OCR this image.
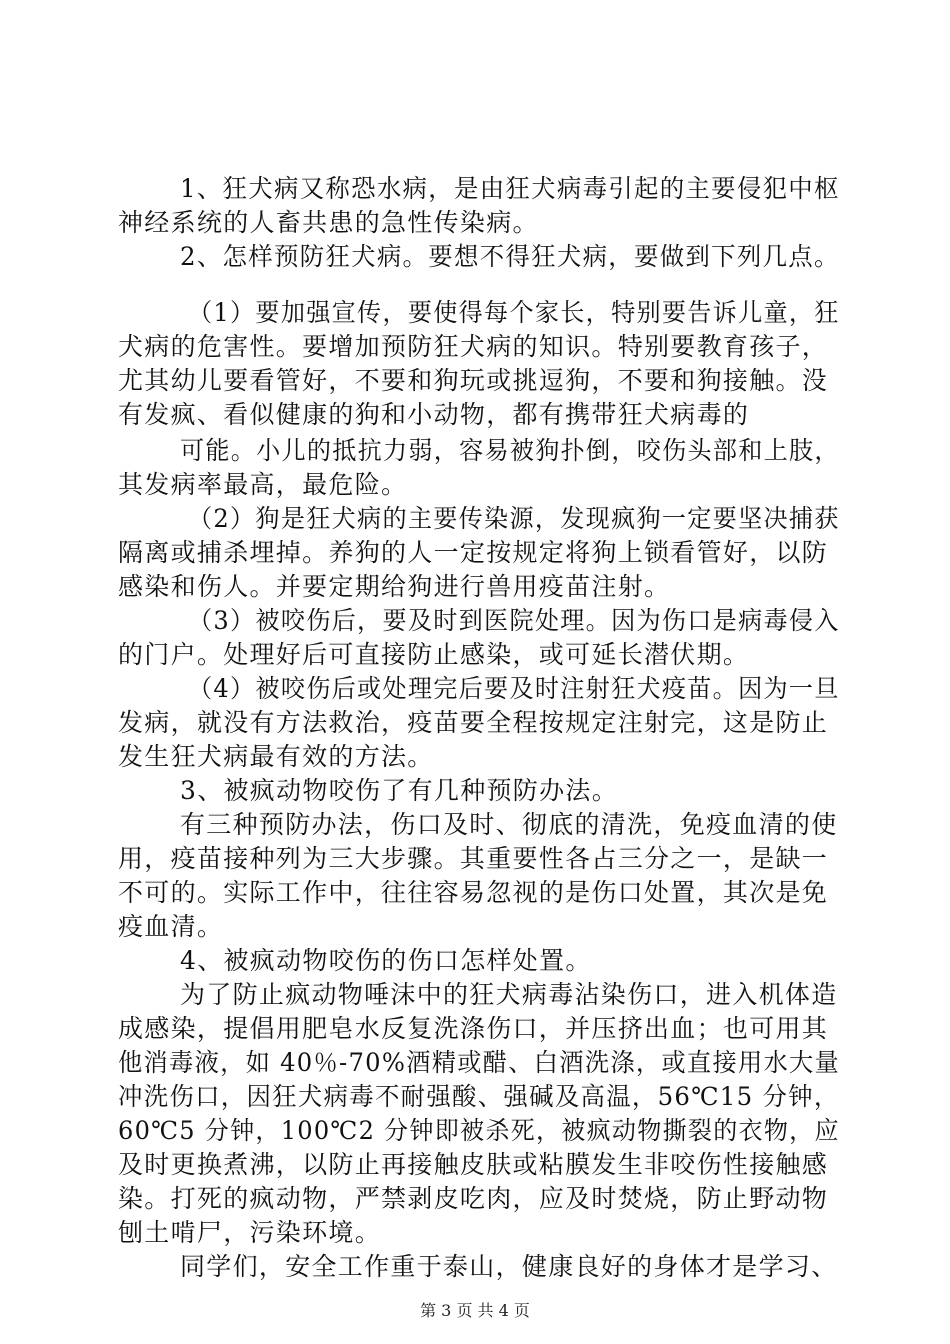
1、狂犬病又称恐水病，是由狂犬病毒引起的主要侵犯中枢
神经系统的人畜共患的急性传染病。
2、怎样预防狂犬病。要想不得狂犬病，要做到下列几点。
（1）要加强宣传，要使得每个家长，特别要告诉儿童，狂
犬病的危害性。要增加预防狂犬病的知识。特别要教育孩子，
尤其幼儿要看管好，不要和狗玩或挑逗狗，不要和狗接触。没
有发疯、看似健康的狗和小动物，都有携带狂犬病毒的
可能。小儿的抵抗力弱，容易被狗扑倒，咬伤头部和上肢，
其发病率最高，最危险。
（2）狗是狂犬病的主要传染源，发现疯狗一定要坚决捕获
隔离或捕杀埋掉。养狗的人一定按规定将狗上锁看管好，以防
感染和伤人。并要定期给狗进行兽用疫苗注射。
（3）被咬伤后，要及时到医院处理。因为伤口是病毒侵入
的门户。处理好后可直接防止感染，或可延长潜伏期。
（4）被咬伤后或处理完后要及时注射狂犬疫苗。因为一旦
发病，就没有方法救治，疫苗要全程按规定注射完，这是防止
发生狂犬病最有效的方法。
3、被疯动物咬伤了有几种预防办法。
有三种预防办法，伤口及时、彻底的清洗，免疫血清的使
用，疫苗接种列为三大步骤。其重要性各占三分之一，是缺一
不可的。实际工作中，往往容易忽视的是伤口处置，其次是免
疫血清。
4、被疯动物咬伤的伤口怎样处置。
为了防止疯动物唾沫中的狂犬病毒沾染伤口，进入机体造
成感染，提倡用肥皂水反复洗涤伤口，并压挤出血；也可用其
他消毒液，如 40％-70%酒精或醋、白酒洗涤，或直接用水大量
冲洗伤口，因狂犬病毒不耐强酸、强碱及高温，56℃15 分钟，
60℃5 分钟，100℃2 分钟即被杀死，被疯动物撕裂的衣物，应
及时更换煮沸，以防止再接触皮肤或粘膜发生非咬伤性接触感
染。打死的疯动物，严禁剥皮吃肉，应及时焚烧，防止野动物
刨土啃尸，污染环境。
同学们，安全工作重于泰山，健康良好的身体才是学习、
第 3 页 共 4 页
